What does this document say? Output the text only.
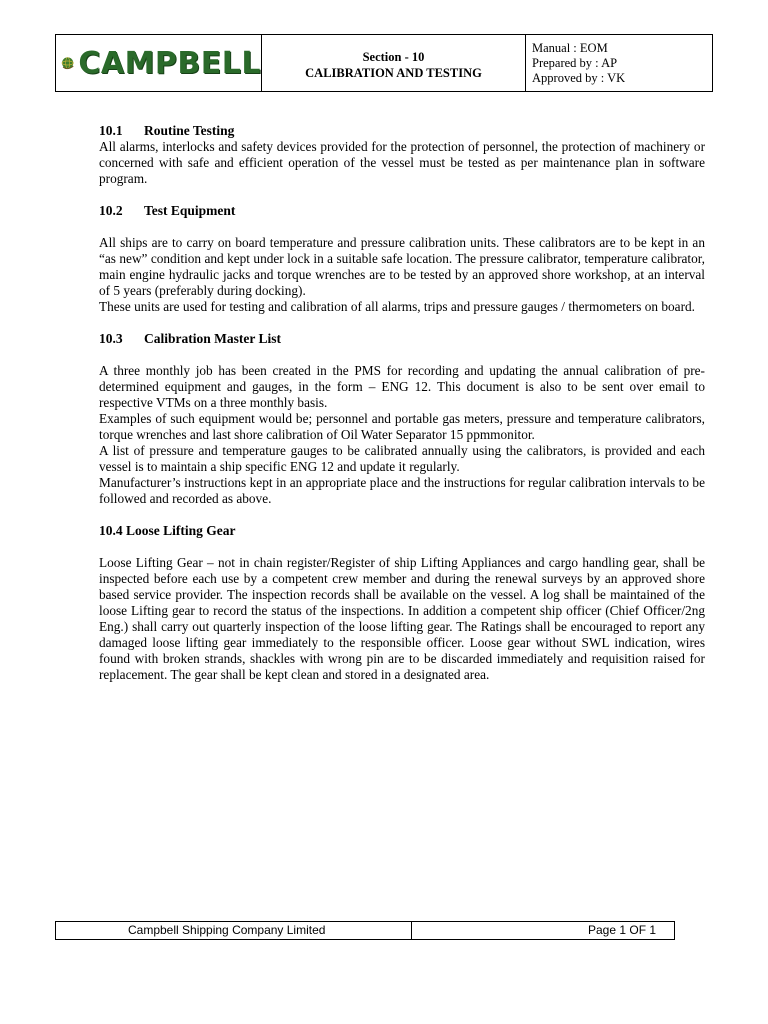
CAMPBELL	Section - 10
CALIBRATION AND TESTING
Manual : EOM
Prepared by : AP
Approved by : VK
10.1 Routine Testing

All alarms, interlocks and safety devices provided for the protection of personnel, the protection of machinery or concerned with safe and efficient operation of the vessel must be tested as per maintenance plan in software program.

10.2 Test Equipment

All ships are to carry on board temperature and pressure calibration units. These calibrators are to be kept in an “as new” condition and kept under lock in a suitable safe location. The pressure calibrator, temperature calibrator, main engine hydraulic jacks and torque wrenches are to be tested by an approved shore workshop, at an interval of 5 years (preferably during docking).

These units are used for testing and calibration of all alarms, trips and pressure gauges / thermometers on board.

10.3 Calibration Master List

A three monthly job has been created in the PMS for recording and updating the annual calibration of pre-determined equipment and gauges, in the form – ENG 12. This document is also to be sent over email to respective VTMs on a three monthly basis.

Examples of such equipment would be; personnel and portable gas meters, pressure and temperature calibrators, torque wrenches and last shore calibration of Oil Water Separator 15 ppmmonitor.

A list of pressure and temperature gauges to be calibrated annually using the calibrators, is provided and each vessel is to maintain a ship specific ENG 12 and update it regularly.

Manufacturer’s instructions kept in an appropriate place and the instructions for regular calibration intervals to be followed and recorded as above.

10.4 Loose Lifting Gear

Loose Lifting Gear – not in chain register/Register of ship Lifting Appliances and cargo handling gear, shall be inspected before each use by a competent crew member and during the renewal surveys by an approved shore based service provider. The inspection records shall be available on the vessel. A log shall be maintained of the loose Lifting gear to record the status of the inspections. In addition a competent ship officer (Chief Officer/2ng Eng.) shall carry out quarterly inspection of the loose lifting gear. The Ratings shall be encouraged to report any damaged loose lifting gear immediately to the responsible officer. Loose gear without SWL indication, wires found with broken strands, shackles with wrong pin are to be discarded immediately and requisition raised for replacement. The gear shall be kept clean and stored in a designated area.

Campbell Shipping Company Limited	Page 1 OF 1
